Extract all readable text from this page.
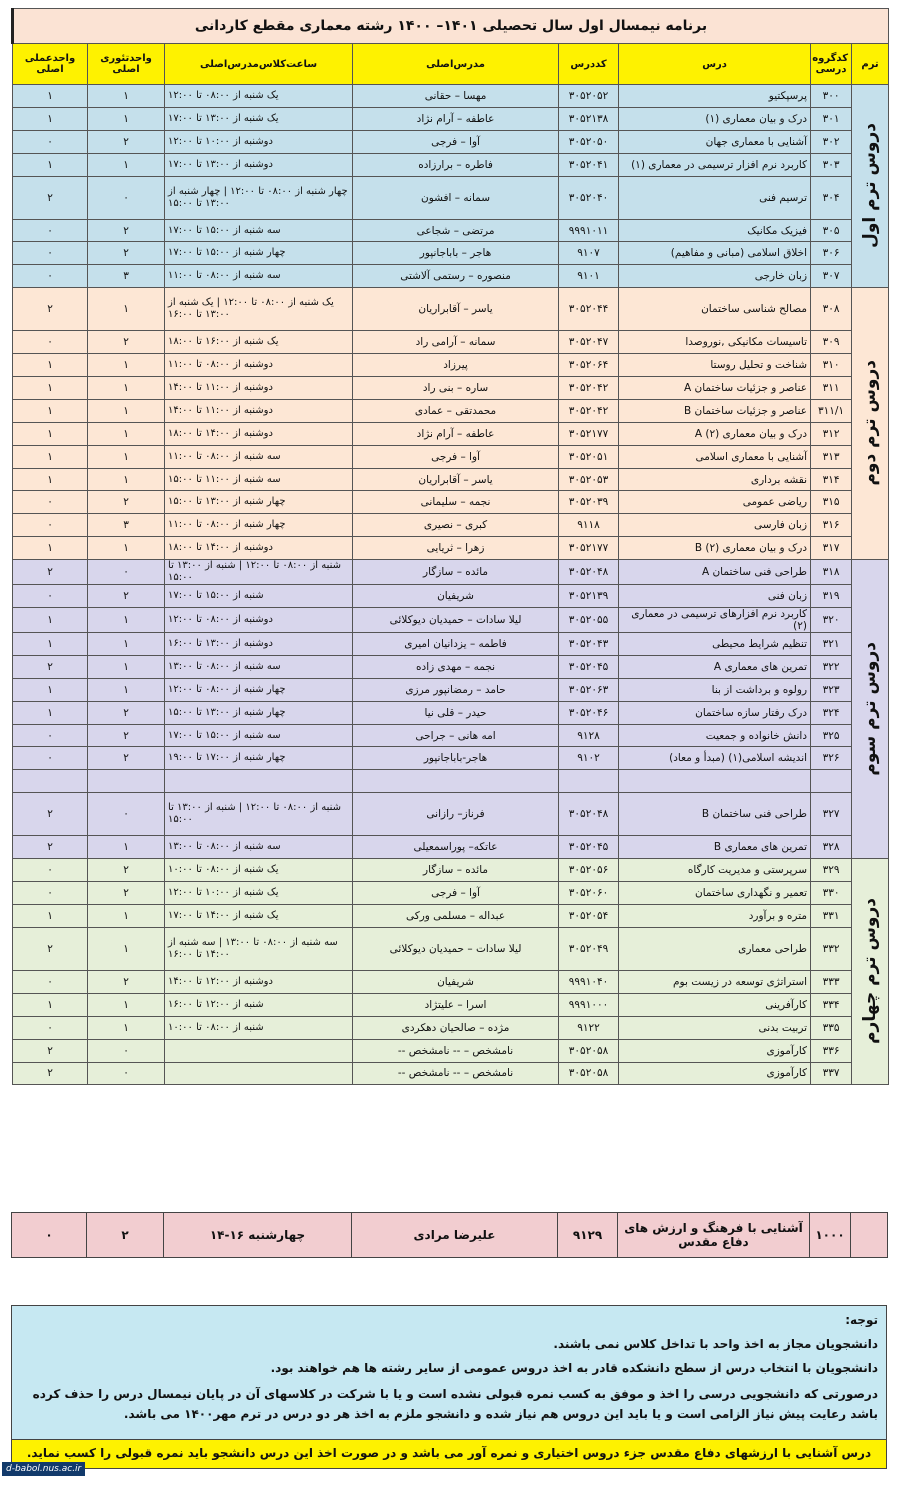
برنامه نیمسال اول سال تحصیلی ۱۴۰۱– ۱۴۰۰ رشته معماری مقطع کاردانی							
ترم	کدگروه درسی	درس	کددرس	مدرس‌اصلی	ساعت‌کلاس‌مدرس‌اصلی	واحدتئوری اصلی	واحدعملی اصلی
دروس ترم اول	۳۰۰	پرسپکتیو	۳۰۵۲۰۵۲	مهسا – حقانی	یک شنبه از ۰۸:۰۰ تا ۱۲:۰۰	۱	۱
	۳۰۱	درک و بیان معماری (۱)	۳۰۵۲۱۳۸	عاطفه – آرام نژاد	یک شنبه از ۱۳:۰۰ تا ۱۷:۰۰	۱	۱
	۳۰۲	آشنایی با معماری جهان	۳۰۵۲۰۵۰	آوا – فرجی	دوشنبه از ۱۰:۰۰ تا ۱۲:۰۰	۲	۰
	۳۰۳	کاربرد نرم افزار ترسیمی در معماری (۱)	۳۰۵۲۰۴۱	فاطره – برارزاده	دوشنبه از ۱۳:۰۰ تا ۱۷:۰۰	۱	۱
	۳۰۴	ترسیم فنی	۳۰۵۲۰۴۰	سمانه – افشون	چهار شنبه از ۰۸:۰۰ تا ۱۲:۰۰ | چهار شنبه از ۱۳:۰۰ تا ۱۵:۰۰	۰	۲
	۳۰۵	فیزیک مکانیک	۹۹۹۱۰۱۱	مرتضی – شجاعی	سه شنبه از ۱۵:۰۰ تا ۱۷:۰۰	۲	۰
	۳۰۶	اخلاق اسلامی (مبانی و مفاهیم)	۹۱۰۷	هاجر – باباجانپور	چهار شنبه از ۱۵:۰۰ تا ۱۷:۰۰	۲	۰
	۳۰۷	زبان خارجی	۹۱۰۱	منصوره – رستمی آلاشتی	سه شنبه از ۰۸:۰۰ تا ۱۱:۰۰	۳	۰
دروس ترم دوم	۳۰۸	مصالح شناسی ساختمان	۳۰۵۲۰۴۴	یاسر – آقابراریان	یک شنبه از ۰۸:۰۰ تا ۱۲:۰۰ | یک شنبه از ۱۳:۰۰ تا ۱۶:۰۰	۱	۲
	۳۰۹	تاسیسات مکانیکی ,نوروصدا	۳۰۵۲۰۴۷	سمانه – آرامی راد	یک شنبه از ۱۶:۰۰ تا ۱۸:۰۰	۲	۰
	۳۱۰	شناخت و تحلیل روستا	۳۰۵۲۰۶۴	پیرزاد	دوشنبه از ۰۸:۰۰ تا ۱۱:۰۰	۱	۱
	۳۱۱	عناصر و جزئیات ساختمان A	۳۰۵۲۰۴۲	ساره – بنی راد	دوشنبه از ۱۱:۰۰ تا ۱۴:۰۰	۱	۱
	۳۱۱/۱	عناصر و جزئیات ساختمان B	۳۰۵۲۰۴۲	محمدتقی – عمادی	دوشنبه از ۱۱:۰۰ تا ۱۴:۰۰	۱	۱
	۳۱۲	درک و بیان معماری (۲) A	۳۰۵۲۱۷۷	عاطفه – آرام نژاد	دوشنبه از ۱۴:۰۰ تا ۱۸:۰۰	۱	۱
	۳۱۳	آشنایی با معماری اسلامی	۳۰۵۲۰۵۱	آوا – فرجی	سه شنبه از ۰۸:۰۰ تا ۱۱:۰۰	۱	۱
	۳۱۴	نقشه برداری	۳۰۵۲۰۵۳	یاسر – آقابراریان	سه شنبه از ۱۱:۰۰ تا ۱۵:۰۰	۱	۱
	۳۱۵	ریاضی عمومی	۳۰۵۲۰۳۹	نجمه – سلیمانی	چهار شنبه از ۱۳:۰۰ تا ۱۵:۰۰	۲	۰
	۳۱۶	زبان فارسی	۹۱۱۸	کبری – نصیری	چهار شنبه از ۰۸:۰۰ تا ۱۱:۰۰	۳	۰
	۳۱۷	درک و بیان معماری (۲) B	۳۰۵۲۱۷۷	زهرا – ثریایی	دوشنبه از ۱۴:۰۰ تا ۱۸:۰۰	۱	۱
دروس ترم سوم	۳۱۸	طراحی فنی ساختمان A	۳۰۵۲۰۴۸	مائده – سازگار	شنبه از ۰۸:۰۰ تا ۱۲:۰۰ | شنبه از ۱۳:۰۰ تا ۱۵:۰۰	۰	۲
	۳۱۹	زبان فنی	۳۰۵۲۱۳۹	شریفیان	شنبه از ۱۵:۰۰ تا ۱۷:۰۰	۲	۰
	۳۲۰	کاربرد نرم افزارهای ترسیمی در معماری (۲)	۳۰۵۲۰۵۵	لیلا سادات – حمیدیان دیوکلائی	دوشنبه از ۰۸:۰۰ تا ۱۲:۰۰	۱	۱
	۳۲۱	تنظیم شرایط محیطی	۳۰۵۲۰۴۳	فاطمه – یزدانیان امیری	دوشنبه از ۱۳:۰۰ تا ۱۶:۰۰	۱	۱
	۳۲۲	تمرین های معماری A	۳۰۵۲۰۴۵	نجمه – مهدی زاده	سه شنبه از ۰۸:۰۰ تا ۱۳:۰۰	۱	۲
	۳۲۳	رولوه و برداشت از بنا	۳۰۵۲۰۶۳	حامد – رمضانپور مرزی	چهار شنبه از ۰۸:۰۰ تا ۱۲:۰۰	۱	۱
	۳۲۴	درک رفتار سازه ساختمان	۳۰۵۲۰۴۶	حیدر – قلی نیا	چهار شنبه از ۱۳:۰۰ تا ۱۵:۰۰	۲	۱
	۳۲۵	دانش خانواده و جمعیت	۹۱۲۸	امه هانی – جراحی	سه شنبه از ۱۵:۰۰ تا ۱۷:۰۰	۲	۰
	۳۲۶	اندیشه اسلامی(۱) (مبدأ و معاد)	۹۱۰۲	هاجر-باباجانپور	چهار شنبه از ۱۷:۰۰ تا ۱۹:۰۰	۲	۰

	۳۲۷	طراحی فنی ساختمان B	۳۰۵۲۰۴۸	فرناز– رازانی	شنبه از ۰۸:۰۰ تا ۱۲:۰۰ | شنبه از ۱۳:۰۰ تا ۱۵:۰۰	۰	۲
	۳۲۸	تمرین های معماری B	۳۰۵۲۰۴۵	عاتکه– پوراسمعیلی	سه شنبه از ۰۸:۰۰ تا ۱۳:۰۰	۱	۲
دروس ترم چهارم	۳۲۹	سرپرستی و مدیریت کارگاه	۳۰۵۲۰۵۶	مائده – سازگار	یک شنبه از ۰۸:۰۰ تا ۱۰:۰۰	۲	۰
	۳۳۰	تعمیر و نگهداری ساختمان	۳۰۵۲۰۶۰	آوا – فرجی	یک شنبه از ۱۰:۰۰ تا ۱۲:۰۰	۲	۰
	۳۳۱	متره و برآورد	۳۰۵۲۰۵۴	عبداله – مسلمی ورکی	یک شنبه از ۱۴:۰۰ تا ۱۷:۰۰	۱	۱
	۳۳۲	طراحی معماری	۳۰۵۲۰۴۹	لیلا سادات – حمیدیان دیوکلائی	سه شنبه از ۰۸:۰۰ تا ۱۳:۰۰ | سه شنبه از ۱۴:۰۰ تا ۱۶:۰۰	۱	۲
	۳۳۳	استراتژی توسعه در زیست بوم	۹۹۹۱۰۴۰	شریفیان	دوشنبه از ۱۲:۰۰ تا ۱۴:۰۰	۲	۰
	۳۳۴	کارآفرینی	۹۹۹۱۰۰۰	اسرا – علیتژاد	شنبه از ۱۲:۰۰ تا ۱۶:۰۰	۱	۱
	۳۳۵	تربیت بدنی	۹۱۲۲	مژده – صالحیان دهکردی	شنبه از ۰۸:۰۰ تا ۱۰:۰۰	۱	۰
	۳۳۶	کارآموزی	۳۰۵۲۰۵۸	نامشخص – -- نامشخص --		۰	۲
	۳۳۷	کارآموزی	۳۰۵۲۰۵۸	نامشخص – -- نامشخص --		۰	۲
	۱۰۰۰	آشنایی با فرهنگ و ارزش های دفاع مقدس	۹۱۲۹	علیرضا مرادی	چهارشنبه ۱۶-۱۴	۲	۰

توجه:

دانشجویان مجاز به اخذ واحد با تداخل کلاس نمی باشند.

دانشجویان با انتخاب درس از سطح دانشکده قادر به اخذ دروس عمومی از سایر رشته ها هم خواهند بود.

درصورتی که دانشجویی درسی را اخذ و موفق به کسب نمره قبولی نشده است و یا با شرکت در کلاسهای آن در پایان نیمسال درس را حذف کرده باشد رعایت پیش نیاز الزامی است و یا باید این دروس هم نیاز شده و دانشجو ملزم به اخذ هر دو درس در ترم مهر۱۴۰۰ می باشد.

درس آشنایی با ارزشهای دفاع مقدس جزء دروس اختیاری و نمره آور می باشد و در صورت اخذ این درس دانشجو باید نمره قبولی را کسب نماید.
d-babol.nus.ac.ir
